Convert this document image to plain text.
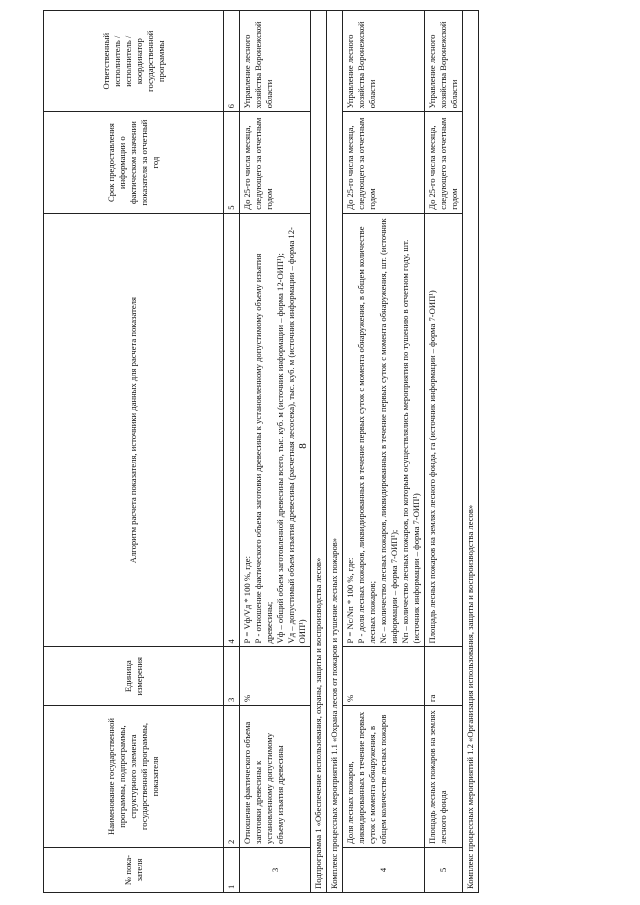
8
№ пока-зателя	Наименование государственной программы, подпрограммы, структурного элемента государственной программы, показателя	Единица измерения	Алгоритм расчета показателя, источники данных для расчета показателя	Срок предоставления информации о фактическом значении показателя за отчетный год	Ответственный исполнитель / исполнитель / координатор государственной программы
1	2	3	4	5	6
3	Отношение фактического объема заготовки древесины к установленному допустимому объему изъятия древесины	%	Р = Vф/Vд * 100 %, где: Р - отношение фактического объема заготовки древесины к установленному допустимому объему изъятия древесины; Vф – общий объем заготовленной древесины всего, тыс. куб. м (источник информации – форма 12-ОИП¹); Vд – допустимый объем изъятия древесины (расчетная лесосека), тыс. куб. м (источник информации – форма 12-ОИП¹)	До 25-го числа месяца, следующего за отчетным годом	Управление лесного хозяйства Воронежской области
Подпрограмма 1 «Обеспечение использования, охраны, защиты и воспроизводства лесов»					
Комплекс процессных мероприятий 1.1 «Охрана лесов от пожаров и тушение лесных пожаров»					
4	Доля лесных пожаров, ликвидированных в течение первых суток с момента обнаружения, в общем количестве лесных пожаров	%	Р = Nс/Nп * 100 %, где: Р - доля лесных пожаров, ликвидированных в течение первых суток с момента обнаружения, в общем количестве лесных пожаров; Nс – количество лесных пожаров, ликвидированных в течение первых суток с момента обнаружения, шт. (источник информации – форма 7-ОИП¹); Nп – количество лесных пожаров, по которым осуществлялись мероприятия по тушению в отчетном году, шт. (источник информации – форма 7-ОИП¹)	До 25-го числа месяца, следующего за отчетным годом	Управление лесного хозяйства Воронежской области
5	Площадь лесных пожаров на землях лесного фонда	га	Площадь лесных пожаров на землях лесного фонда, га (источник информации – форма 7-ОИП¹)	До 25-го числа месяца, следующего за отчетным годом	Управление лесного хозяйства Воронежской области
Комплекс процессных мероприятий 1.2 «Организация использования, защиты и воспроизводства лесов»					
